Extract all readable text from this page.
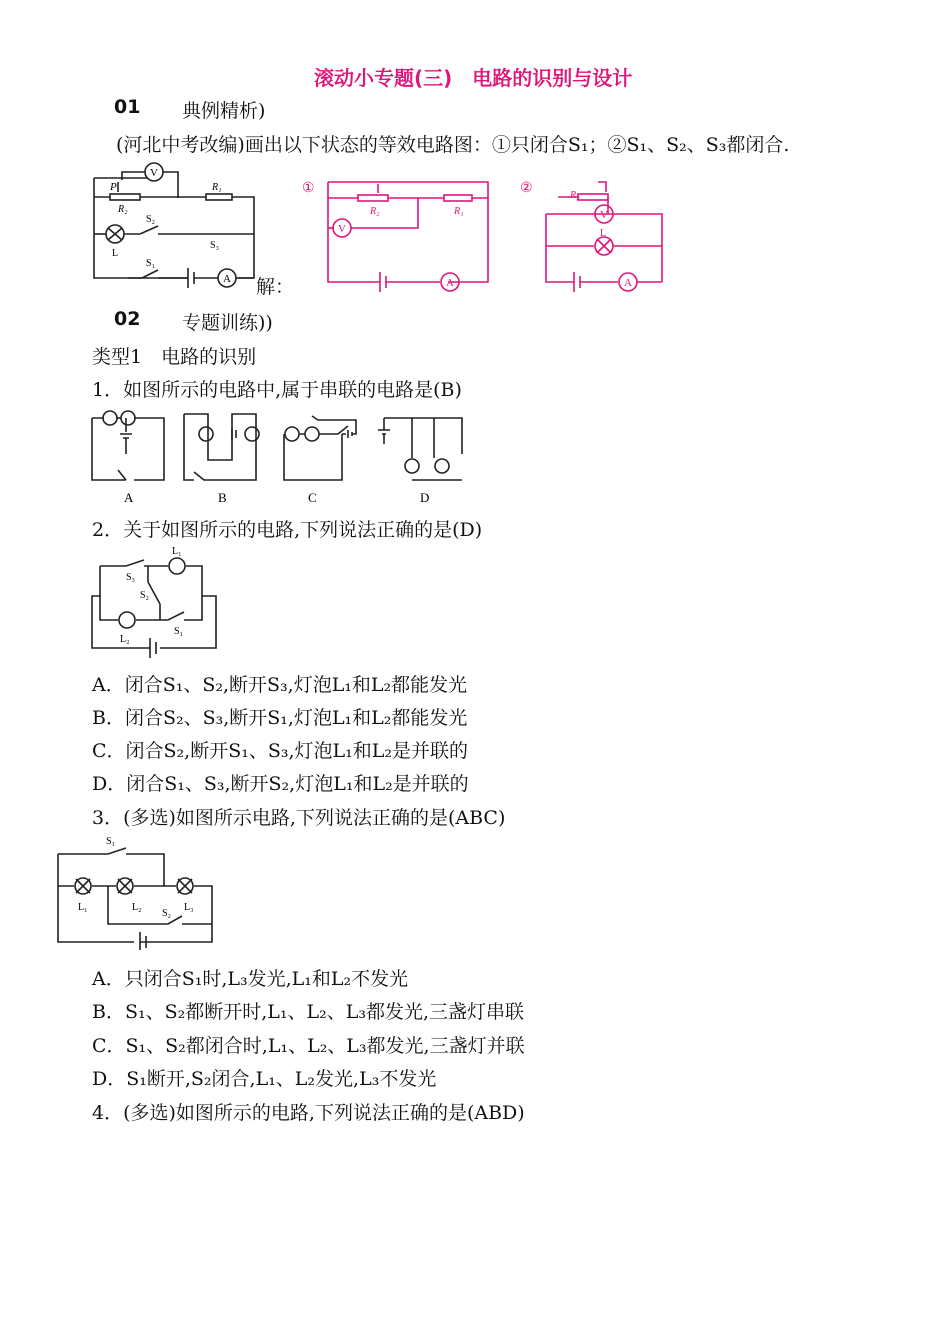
滚动小专题(三)　电路的识别与设计
01 典例精析)
(河北中考改编)画出以下状态的等效电路图：①只闭合S₁；②S₁、S₂、S₃都闭合.
V
A
P
R₂
R₁
S₂
S₃
S₁
L
解：
①
V
A
R₂	R₁
②
V
A
R₂
L
02 专题训练))
类型1　电路的识别
1．如图所示的电路中,属于串联的电路是(B)
A	B	C	D
2．关于如图所示的电路,下列说法正确的是(D)
L₁
S₃
S₂
L₂
S₁
A．闭合S₁、S₂,断开S₃,灯泡L₁和L₂都能发光
B．闭合S₂、S₃,断开S₁,灯泡L₁和L₂都能发光
C．闭合S₂,断开S₁、S₃,灯泡L₁和L₂是并联的
D．闭合S₁、S₃,断开S₂,灯泡L₁和L₂是并联的
3．(多选)如图所示电路,下列说法正确的是(ABC)
S₁
L₁	L₂
S₂
L₃
A．只闭合S₁时,L₃发光,L₁和L₂不发光
B．S₁、S₂都断开时,L₁、L₂、L₃都发光,三盏灯串联
C．S₁、S₂都闭合时,L₁、L₂、L₃都发光,三盏灯并联
D．S₁断开,S₂闭合,L₁、L₂发光,L₃不发光
4．(多选)如图所示的电路,下列说法正确的是(ABD)
